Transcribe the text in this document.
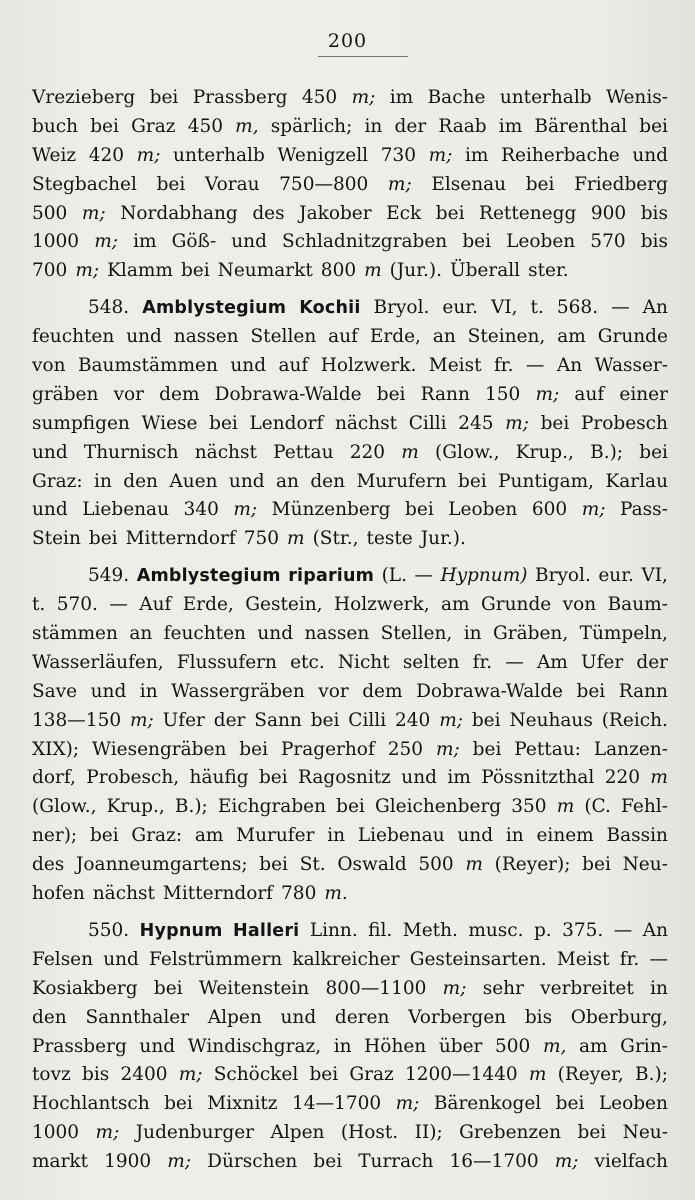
200
Vrezieberg bei Prassberg 450 m; im Bache unterhalb Wenis-
buch bei Graz 450 m, spärlich; in der Raab im Bärenthal bei
Weiz 420 m; unterhalb Wenigzell 730 m; im Reiherbache und
Stegbachel bei Vorau 750—800 m; Elsenau bei Friedberg
500 m; Nordabhang des Jakober Eck bei Rettenegg 900 bis
1000 m; im Göß- und Schladnitzgraben bei Leoben 570 bis
700 m; Klamm bei Neumarkt 800 m (Jur.). Überall ster.
548. Amblystegium Kochii Bryol. eur. VI, t. 568. — An
feuchten und nassen Stellen auf Erde, an Steinen, am Grunde
von Baumstämmen und auf Holzwerk. Meist fr. — An Wasser-
gräben vor dem Dobrawa-Walde bei Rann 150 m; auf einer
sumpfigen Wiese bei Lendorf nächst Cilli 245 m; bei Probesch
und Thurnisch nächst Pettau 220 m (Glow., Krup., B.); bei
Graz: in den Auen und an den Murufern bei Puntigam, Karlau
und Liebenau 340 m; Münzenberg bei Leoben 600 m; Pass-
Stein bei Mitterndorf 750 m (Str., teste Jur.).
549. Amblystegium riparium (L. — Hypnum) Bryol. eur. VI,
t. 570. — Auf Erde, Gestein, Holzwerk, am Grunde von Baum-
stämmen an feuchten und nassen Stellen, in Gräben, Tümpeln,
Wasserläufen, Flussufern etc. Nicht selten fr. — Am Ufer der
Save und in Wassergräben vor dem Dobrawa-Walde bei Rann
138—150 m; Ufer der Sann bei Cilli 240 m; bei Neuhaus (Reich.
XIX); Wiesengräben bei Pragerhof 250 m; bei Pettau: Lanzen-
dorf, Probesch, häufig bei Ragosnitz und im Pössnitzthal 220 m
(Glow., Krup., B.); Eichgraben bei Gleichenberg 350 m (C. Fehl-
ner); bei Graz: am Murufer in Liebenau und in einem Bassin
des Joanneumgartens; bei St. Oswald 500 m (Reyer); bei Neu-
hofen nächst Mitterndorf 780 m.
550. Hypnum Halleri Linn. fil. Meth. musc. p. 375. — An
Felsen und Felstrümmern kalkreicher Gesteinsarten. Meist fr. —
Kosiakberg bei Weitenstein 800—1100 m; sehr verbreitet in
den Sannthaler Alpen und deren Vorbergen bis Oberburg,
Prassberg und Windischgraz, in Höhen über 500 m, am Grin-
tovz bis 2400 m; Schöckel bei Graz 1200—1440 m (Reyer, B.);
Hochlantsch bei Mixnitz 14—1700 m; Bärenkogel bei Leoben
1000 m; Judenburger Alpen (Host. II); Grebenzen bei Neu-
markt 1900 m; Dürschen bei Turrach 16—1700 m; vielfach
